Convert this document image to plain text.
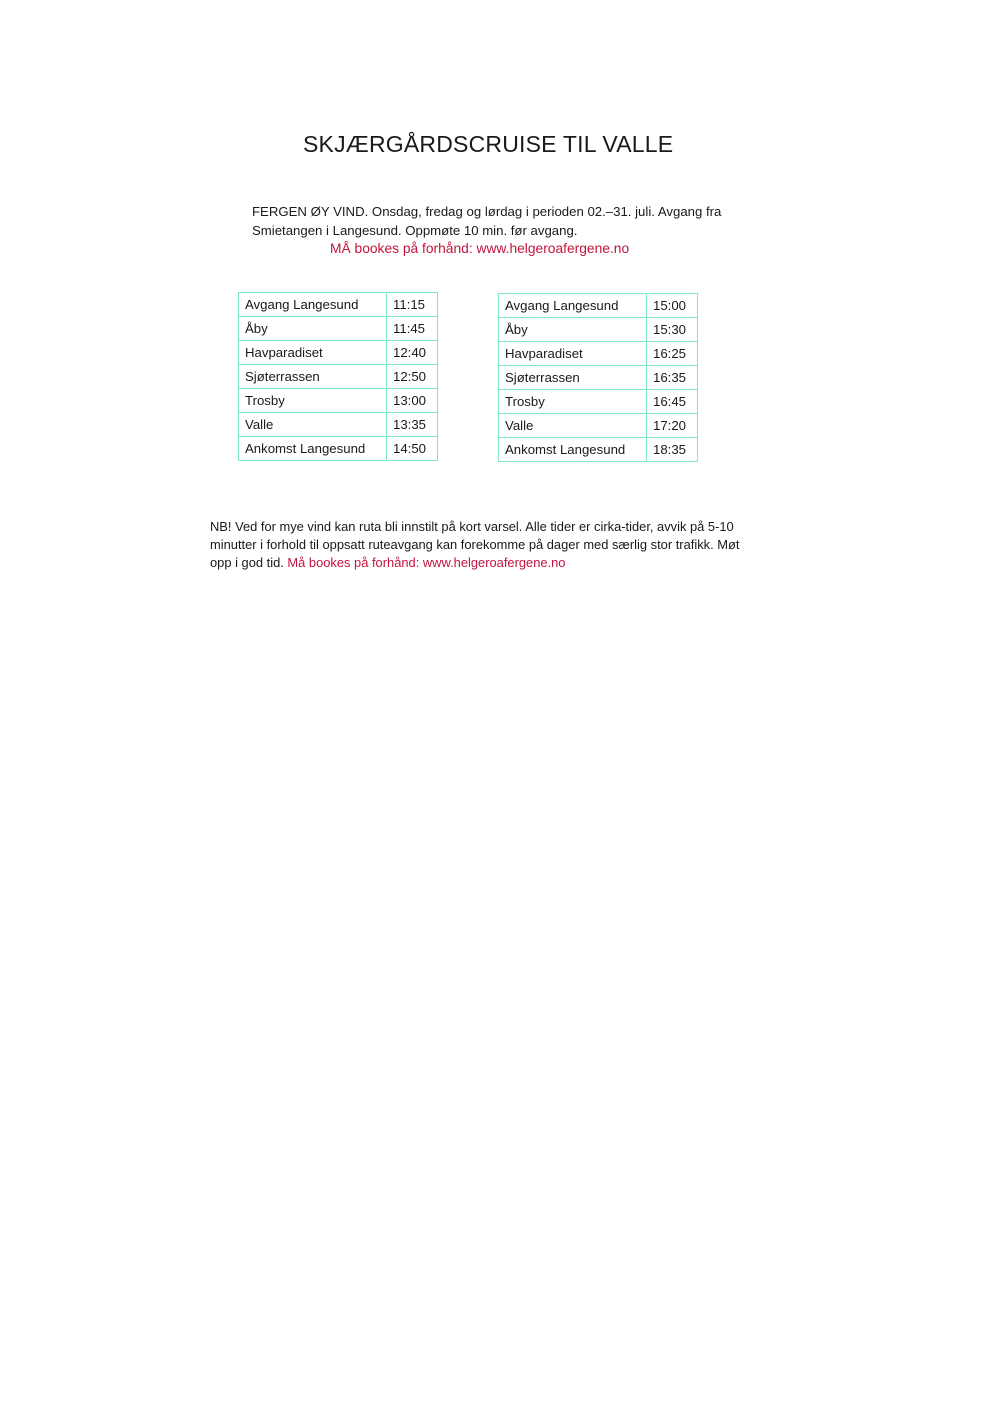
SKJÆRGÅRDSCRUISE TIL VALLE
FERGEN ØY VIND. Onsdag, fredag og lørdag i perioden 02.–31. juli. Avgang fra
Smietangen i Langesund. Oppmøte 10 min. før avgang.
MÅ bookes på forhånd: www.helgeroafergene.no
Avgang Langesund	11:15
Åby	11:45
Havparadiset	12:40
Sjøterrassen	12:50
Trosby	13:00
Valle	13:35
Ankomst Langesund	14:50
Avgang Langesund	15:00
Åby	15:30
Havparadiset	16:25
Sjøterrassen	16:35
Trosby	16:45
Valle	17:20
Ankomst Langesund	18:35

NB! Ved for mye vind kan ruta bli innstilt på kort varsel. Alle tider er cirka-tider, avvik på 5-10 minutter i forhold til oppsatt ruteavgang kan forekomme på dager med særlig stor trafikk. Møt opp i god tid. Må bookes på forhånd: www.helgeroafergene.no
